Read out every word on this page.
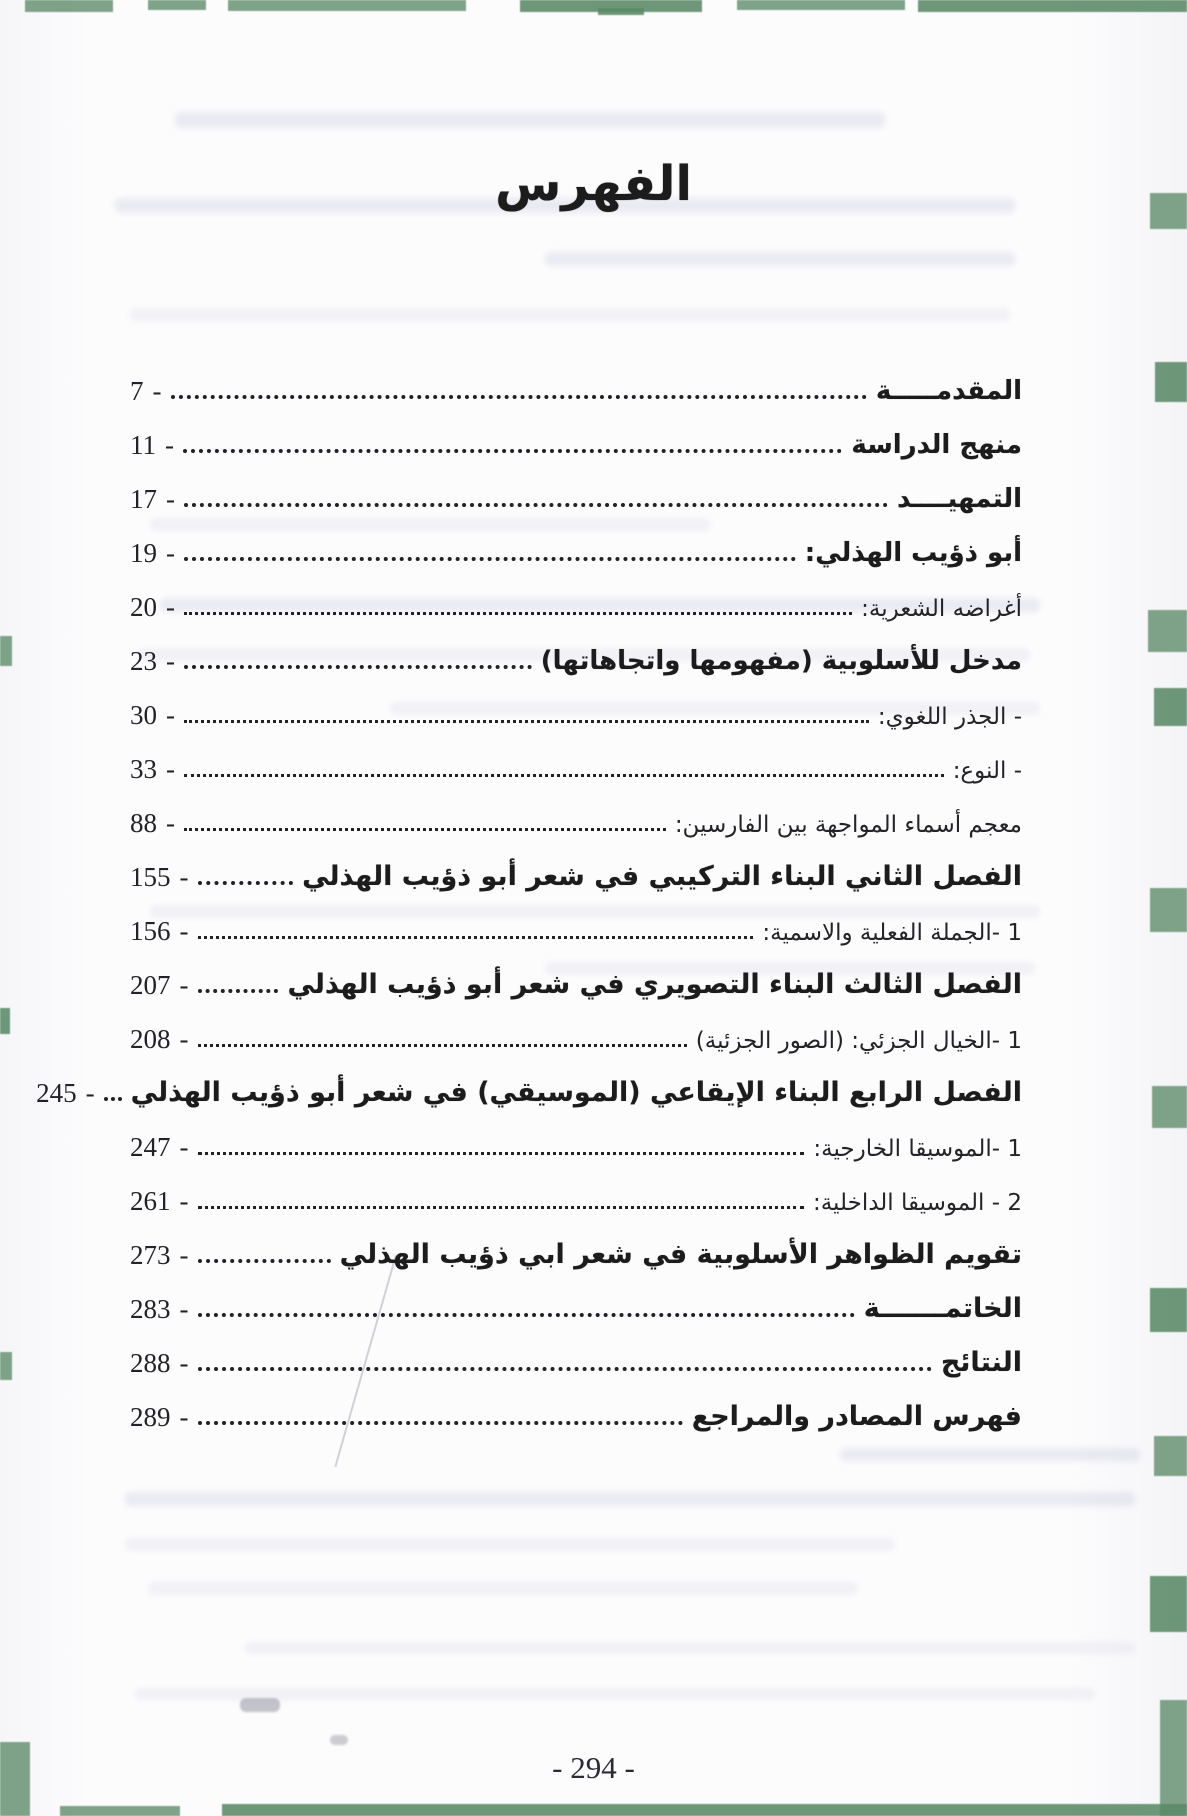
الفهرس
المقدمـــــة
7 -
منهج الدراسة
11 -
التمهيــــد
17 -
أبو ذؤيب الهذلي:
19 -
أغراضه الشعرية:
20 -
مدخل للأسلوبية (مفهومها واتجاهاتها)
23 -
- الجذر اللغوي:
30 -
- النوع:
33 -
معجم أسماء المواجهة بين الفارسين:
88 -
الفصل الثاني البناء التركيبي في شعر أبو ذؤيب الهذلي
155 -
1 -الجملة الفعلية والاسمية:
156 -
الفصل الثالث البناء التصويري في شعر أبو ذؤيب الهذلي
207 -
1 -الخيال الجزئي: (الصور الجزئية)
208 -
الفصل الرابع البناء الإيقاعي (الموسيقي) في شعر أبو ذؤيب الهذلي
245 -
1 -الموسيقا الخارجية:
247 -
2 - الموسيقا الداخلية:
261 -
تقويم الظواهر الأسلوبية في شعر ابي ذؤيب الهذلي
273 -
الخاتمـــــــة
283 -
النتائج
288 -
فهرس المصادر والمراجع
289 -
- 294 -
